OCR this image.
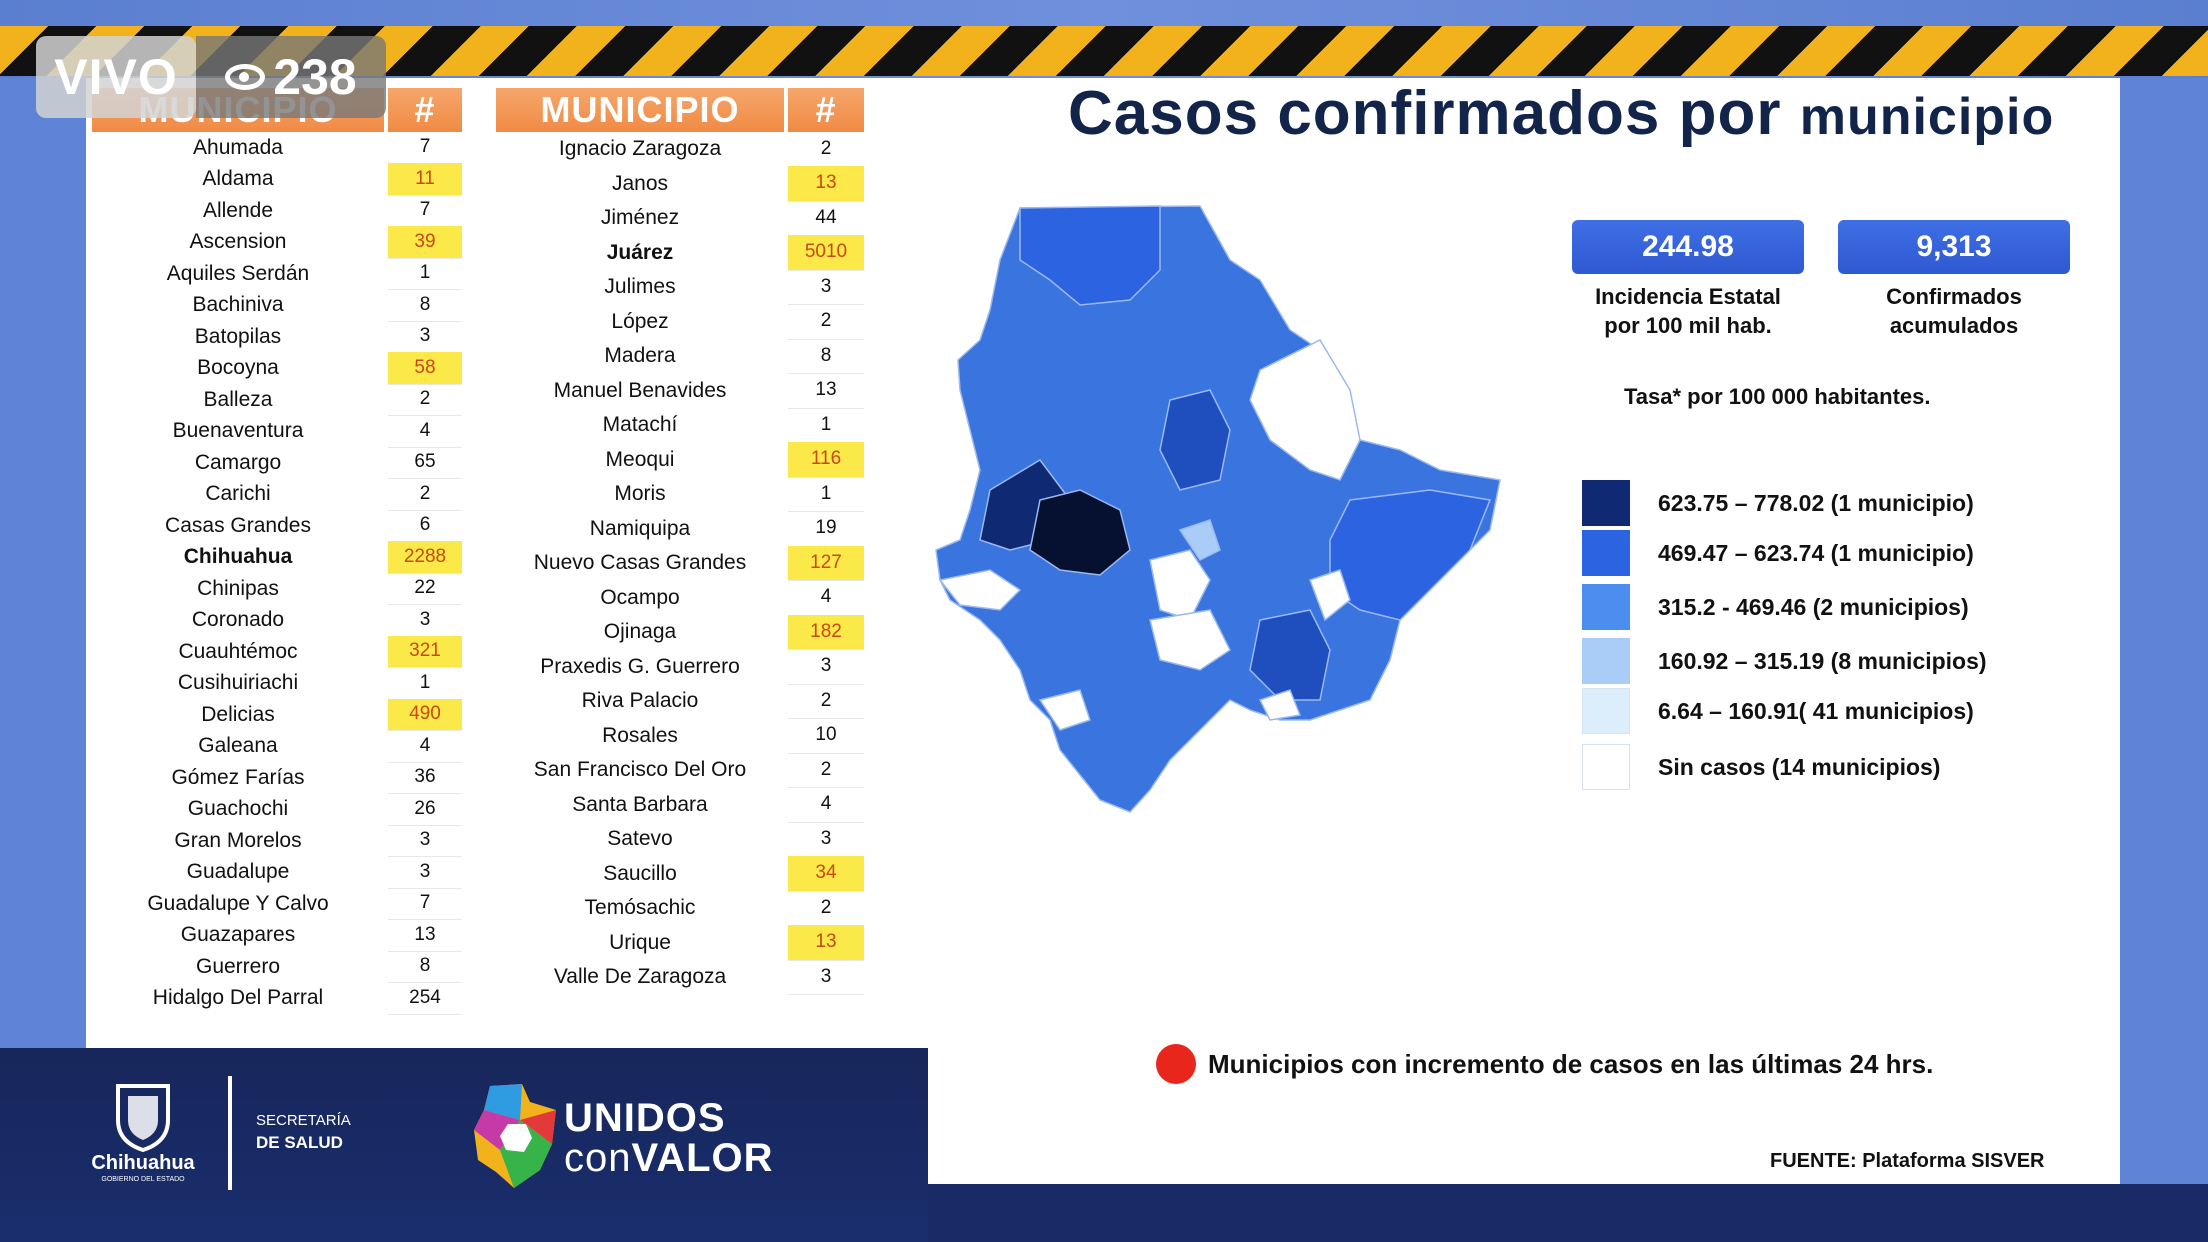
#
Ahumada	7
Aldama	11
Allende	7
Ascension	39
Aquiles Serdán	1
Bachiniva	8
Batopilas	3
Bocoyna	58
Balleza	2
Buenaventura	4
Camargo	65
Carichi	2
Casas Grandes	6
Chihuahua	2288
Chinipas	22
Coronado	3
Cuauhtémoc	321
Cusihuiriachi	1
Delicias	490
Galeana	4
Gómez Farías	36
Guachochi	26
Gran Morelos	3
Guadalupe	3
Guadalupe Y Calvo	7
Guazapares	13
Guerrero	8
Hidalgo Del Parral	254
MUNICIPIO	#
Ignacio Zaragoza	2
Janos	13
Jiménez	44
Juárez	5010
Julimes	3
López	2
Madera	8
Manuel Benavides	13
Matachí	1
Meoqui	116
Moris	1
Namiquipa	19
Nuevo Casas Grandes	127
Ocampo	4
Ojinaga	182
Praxedis G. Guerrero	3
Riva Palacio	2
Rosales	10
San Francisco Del Oro	2
Santa Barbara	4
Satevo	3
Saucillo	34
Temósachic	2
Urique	13
Valle De Zaragoza	3
VIVO	238
Casos confirmados por municipio
244.98
Incidencia Estatal
por 100 mil hab.
9,313
Confirmados
acumulados
Tasa* por 100 000 habitantes.
623.75 – 778.02 (1 municipio)
469.47 – 623.74 (1 municipio)
315.2 - 469.46 (2 municipios)
160.92 – 315.19 (8 municipios)
6.64 – 160.91( 41 municipios)
Sin casos (14 municipios)
Municipios con incremento de casos en las últimas 24 hrs.
FUENTE: Plataforma SISVER
Chihuahua
GOBIERNO DEL ESTADO
SECRETARÍA
DE SALUD
UNIDOS
conVALOR
